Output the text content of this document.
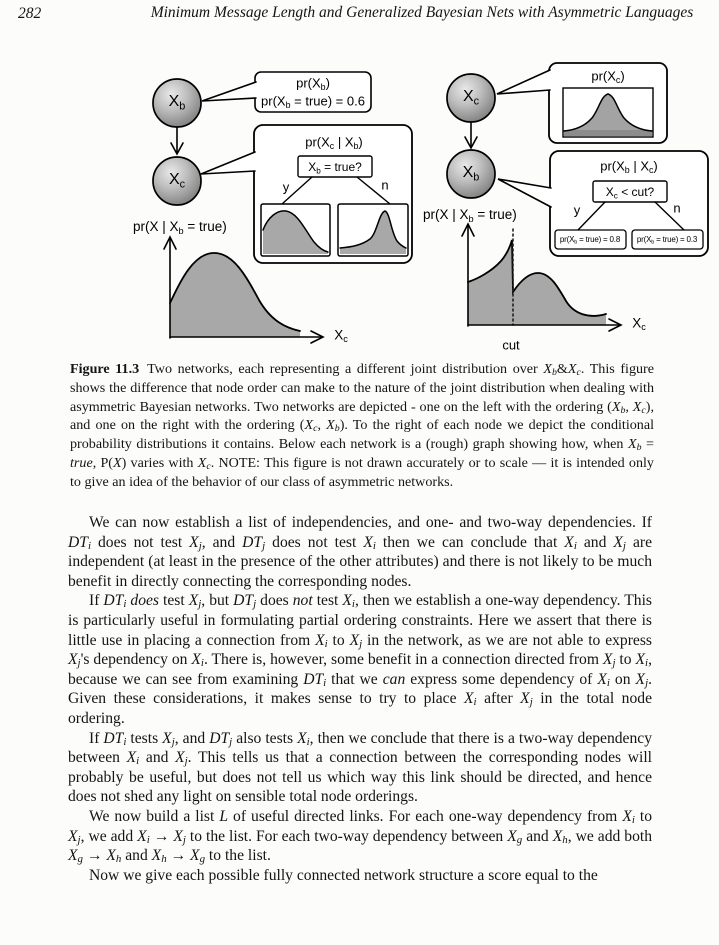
282	Minimum Message Length and Generalized Bayesian Nets with Asymmetric Languages
$X_b$
$X_c$
$pr(X_b)$
$pr(X_b$ = true) = 0.6
$pr(X_c$ | $X_b$)
$X_b$ = true?
y	n
pr(X | $X_b$ = true)
$X_c$
$X_c$
$X_b$
$pr(X_c)$
$pr(X_b$ | $X_c$)
$X_c$ < cut?
y	n
$pr(X_b$ = true) = 0.8 $pr(X_b$ = true) = 0.3
pr(X | $X_b$ = true)
$X_c$
cut
Figure 11.3 Two networks, each representing a different joint distribution over $X_b\&X_c$. This figure shows the difference that node order can make to the nature of the joint distribution when dealing with asymmetric Bayesian networks. Two networks are depicted - one on the left with the ordering ($X_b$, $X_c$), and one on the right with the ordering ($X_c$, $X_b$). To the right of each node we depict the conditional probability distributions it contains. Below each network is a (rough) graph showing how, when $X_b$ = true, P(X) varies with $X_c$. NOTE: This figure is not drawn accurately or to scale — it is intended only to give an idea of the behavior of our class of asymmetric networks.

We can now establish a list of independencies, and one- and two-way dependencies. If $DT_i$ does not test $X_j$, and $DT_j$ does not test $X_i$ then we can conclude that $X_i$ and $X_j$ are independent (at least in the presence of the other attributes) and there is not likely to be much benefit in directly connecting the corresponding nodes.

If $DT_i$ does test $X_j$, but $DT_j$ does not test $X_i$, then we establish a one-way dependency. This is particularly useful in formulating partial ordering constraints. Here we assert that there is little use in placing a connection from $X_i$ to $X_j$ in the network, as we are not able to express $X_j's$ dependency on $X_i$. There is, however, some benefit in a connection directed from $X_j$ to $X_i$, because we can see from examining $DT_i$ that we can express some dependency of $X_i$ on $X_j$. Given these considerations, it makes sense to try to place $X_i$ after $X_j$ in the total node ordering.

If $DT_i$ tests $X_j$, and $DT_j$ also tests $X_i$, then we conclude that there is a two-way dependency between $X_i$ and $X_j$. This tells us that a connection between the corresponding nodes will probably be useful, but does not tell us which way this link should be directed, and hence does not shed any light on sensible total node orderings.

We now build a list L of useful directed links. For each one-way dependency from $X_i$ to $X_j$, we add $X_i \to X_j$ to the list. For each two-way dependency between $X_g$ and $X_h$, we add both $X_g \to X_h$ and $X_h \to X_g$ to the list.

Now we give each possible fully connected network structure a score equal to the
